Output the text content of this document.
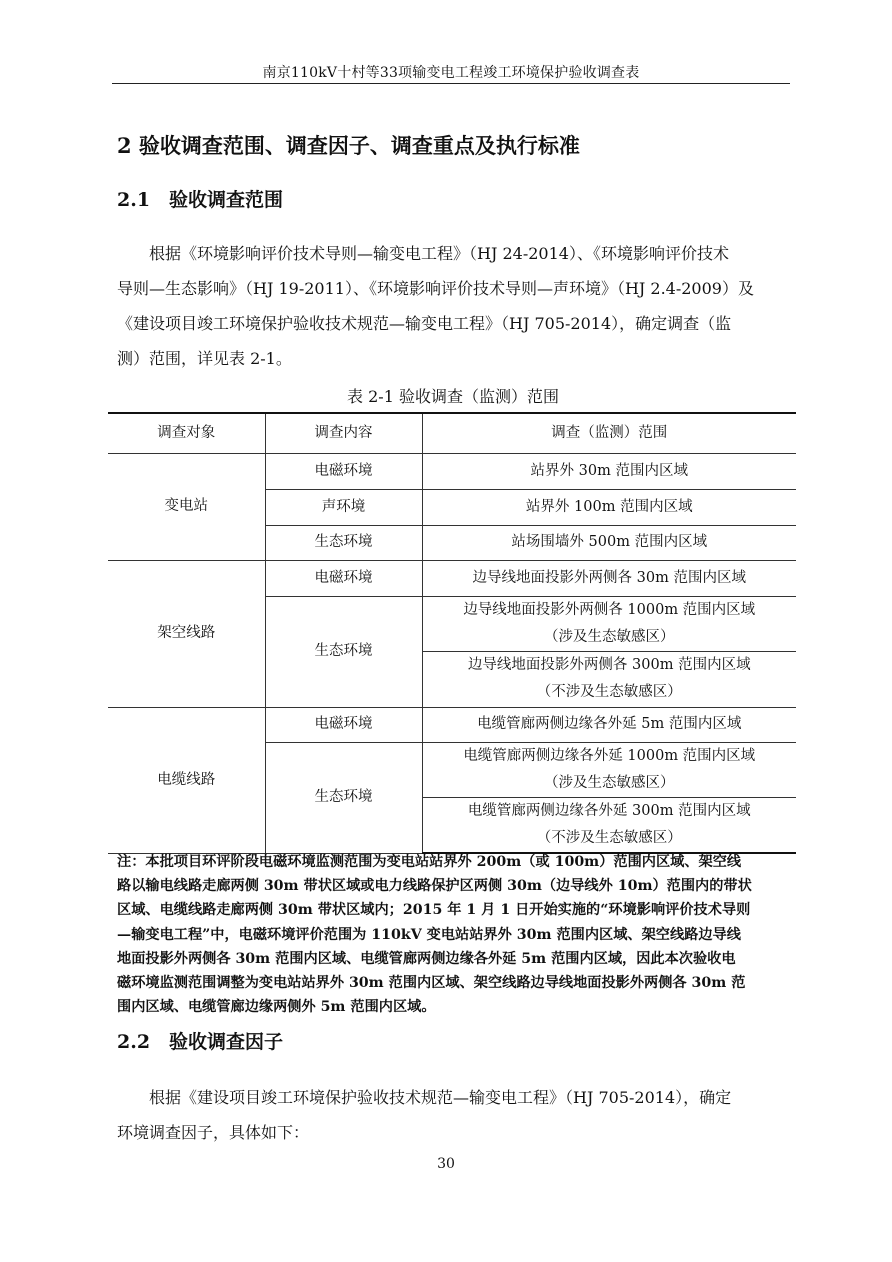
南京110kV十村等33项输变电工程竣工环境保护验收调查表
2 验收调查范围、调查因子、调查重点及执行标准
2.1 验收调查范围
根据《环境影响评价技术导则—输变电工程》（HJ 24-2014）、《环境影响评价技术
导则—生态影响》（HJ 19-2011）、《环境影响评价技术导则—声环境》（HJ 2.4-2009）及
《建设项目竣工环境保护验收技术规范—输变电工程》（HJ 705-2014），确定调查（监
测）范围，详见表 2-1。
表 2-1 验收调查（监测）范围
调查对象	调查内容	调查（监测）范围
变电站	电磁环境	站界外 30m 范围内区域
	声环境	站界外 100m 范围内区域
	生态环境	站场围墙外 500m 范围内区域
架空线路	电磁环境	边导线地面投影外两侧各 30m 范围内区域
	生态环境	边导线地面投影外两侧各 1000m 范围内区域
（涉及生态敏感区）

		边导线地面投影外两侧各 300m 范围内区域
（不涉及生态敏感区）

电缆线路	电磁环境	电缆管廊两侧边缘各外延 5m 范围内区域
	生态环境	电缆管廊两侧边缘各外延 1000m 范围内区域
（涉及生态敏感区）

		电缆管廊两侧边缘各外延 300m 范围内区域
（不涉及生态敏感区）
注：本批项目环评阶段电磁环境监测范围为变电站站界外 200m（或 100m）范围内区域、架空线
路以输电线路走廊两侧 30m 带状区域或电力线路保护区两侧 30m（边导线外 10m）范围内的带状
区域、电缆线路走廊两侧 30m 带状区域内；2015 年 1 月 1 日开始实施的“环境影响评价技术导则
—输变电工程”中，电磁环境评价范围为 110kV 变电站站界外 30m 范围内区域、架空线路边导线
地面投影外两侧各 30m 范围内区域、电缆管廊两侧边缘各外延 5m 范围内区域，因此本次验收电
磁环境监测范围调整为变电站站界外 30m 范围内区域、架空线路边导线地面投影外两侧各 30m 范
围内区域、电缆管廊边缘两侧外 5m 范围内区域。
2.2 验收调查因子
根据《建设项目竣工环境保护验收技术规范—输变电工程》（HJ 705-2014），确定
环境调查因子，具体如下：
30
